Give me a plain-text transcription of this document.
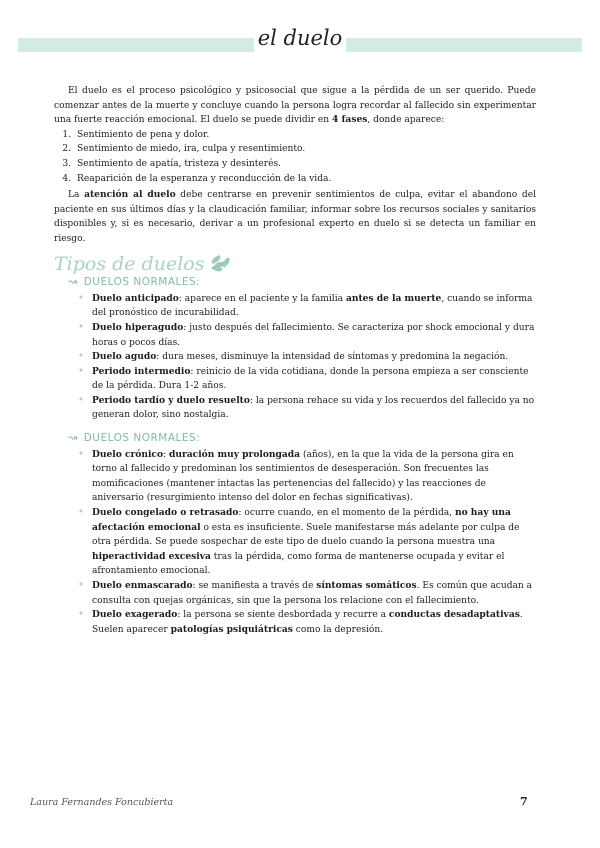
el duelo

El duelo es el proceso psicológico y psicosocial que sigue a la pérdida de un ser querido. Puede comenzar antes de la muerte y concluye cuando la persona logra recordar al fallecido sin experimentar una fuerte reacción emocional. El duelo se puede dividir en 4 fases, donde aparece:

1. Sentimiento de pena y dolor.
2. Sentimiento de miedo, ira, culpa y resentimiento.
3. Sentimiento de apatía, tristeza y desinterés.
4. Reaparición de la esperanza y reconducción de la vida.

La atención al duelo debe centrarse en prevenir sentimientos de culpa, evitar el abandono del paciente en sus últimos días y la claudicación familiar, informar sobre los recursos sociales y sanitarios disponibles y, si es necesario, derivar a un profesional experto en duelo si se detecta un familiar en riesgo.

Tipos de duelos
↝ DUELOS NORMALES:
• Duelo anticipado: aparece en el paciente y la familia antes de la muerte, cuando se informa del pronóstico de incurabilidad.
• Duelo hiperagudo: justo después del fallecimiento. Se caracteriza por shock emocional y dura horas o pocos días.
• Duelo agudo: dura meses, disminuye la intensidad de síntomas y predomina la negación.
• Periodo intermedio: reinicio de la vida cotidiana, donde la persona empieza a ser consciente de la pérdida. Dura 1-2 años.
• Periodo tardío y duelo resuelto: la persona rehace su vida y los recuerdos del fallecido ya no generan dolor, sino nostalgia.
↝ DUELOS NORMALES:
• Duelo crónico: duración muy prolongada (años), en la que la vida de la persona gira en torno al fallecido y predominan los sentimientos de desesperación. Son frecuentes las momificaciones (mantener intactas las pertenencias del fallecido) y las reacciones de aniversario (resurgimiento intenso del dolor en fechas significativas).
• Duelo congelado o retrasado: ocurre cuando, en el momento de la pérdida, no hay una afectación emocional o esta es insuficiente. Suele manifestarse más adelante por culpa de otra pérdida. Se puede sospechar de este tipo de duelo cuando la persona muestra una hiperactividad excesiva tras la pérdida, como forma de mantenerse ocupada y evitar el afrontamiento emocional.
• Duelo enmascarado: se manifiesta a través de síntomas somáticos. Es común que acudan a consulta con quejas orgánicas, sin que la persona los relacione con el fallecimiento.
• Duelo exagerado: la persona se siente desbordada y recurre a conductas desadaptativas. Suelen aparecer patologías psiquiátricas como la depresión.
Laura Fernandes Foncubierta	7
